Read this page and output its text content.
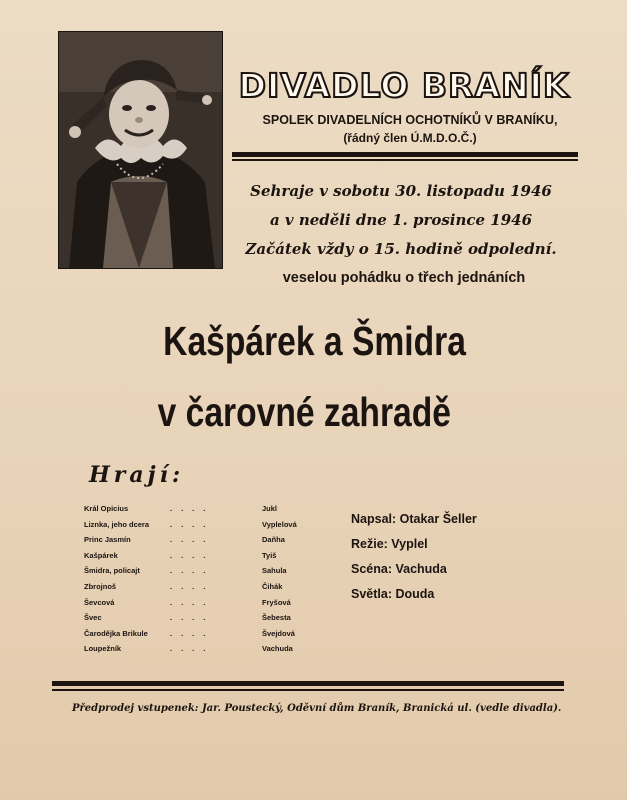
DIVADLO BRANÍK
SPOLEK DIVADELNÍCH OCHOTNÍKŮ V BRANÍKU,
(řádný člen Ú.M.D.O.Č.)
Sehraje v sobotu 30. listopadu 1946
a v neděli dne 1. prosince 1946
Začátek vždy o 15. hodině odpolední.
veselou pohádku o třech jednáních
Kašpárek a Šmidra
v čarovné zahradě
Hrají:
Král Opicius	....	Jukl
Liznka, jeho dcera	....	Vyplelová
Princ Jasmín	....	Daňha
Kašpárek	....	Tyiš
Šmidra, policajt	....	Sahula
Zbrojnoš	....	Čihák
Ševcová	....	Fryšová
Švec	....	Šebesta
Čarodějka Brikule	....	Švejdová
Loupežník	....	Vachuda
Napsal: Otakar Šeller
Režie: Vyplel
Scéna: Vachuda
Světla: Douda
Předprodej vstupenek: Jar. Poustecký, Oděvní dům Braník, Branická ul. (vedle divadla).
